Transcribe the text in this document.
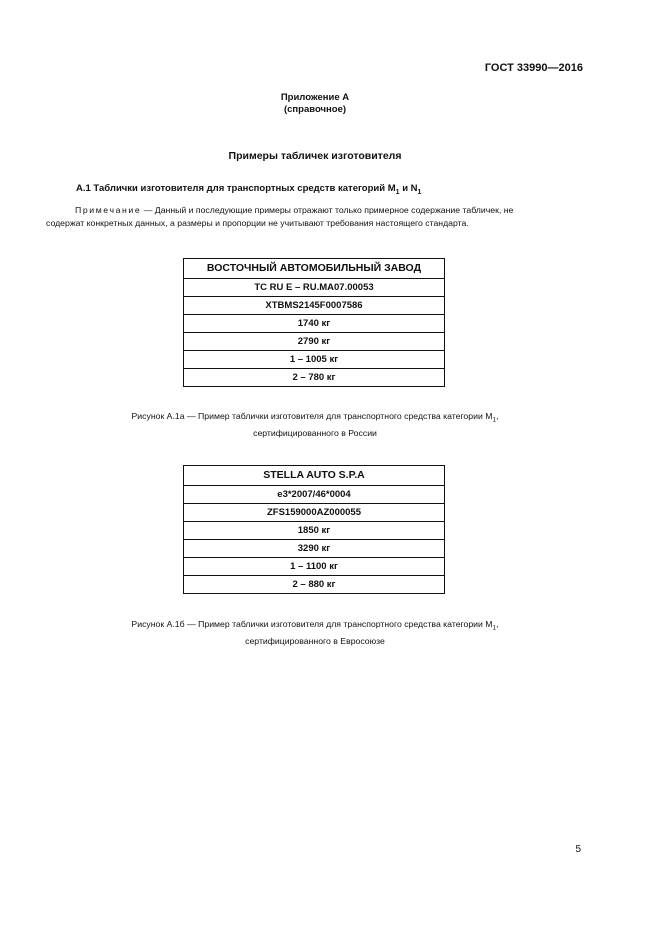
ГОСТ 33990—2016
Приложение А
(справочное)
Примеры табличек изготовителя
А.1 Таблички изготовителя для транспортных средств категорий $М_1$ и $N_1$
Примечание — Данный и последующие примеры отражают только примерное содержание табличек, не
содержат конкретных данных, а размеры и пропорции не учитывают требования настоящего стандарта.
ВОСТОЧНЫЙ АВТОМОБИЛЬНЫЙ ЗАВОД
TC RU E – RU.MA07.00053
XTBMS2145F0007586
1740 кг
2790 кг
1 – 1005 кг
2 – 780 кг
Рисунок А.1а — Пример таблички изготовителя для транспортного средства категории $М_1$,
сертифицированного в России
STELLA AUTO S.P.A
e3*2007/46*0004
ZFS159000AZ000055
1850 кг
3290 кг
1 – 1100 кг
2 – 880 кг
Рисунок А.1б — Пример таблички изготовителя для транспортного средства категории $М_1$,
сертифицированного в Евросоюзе
5
